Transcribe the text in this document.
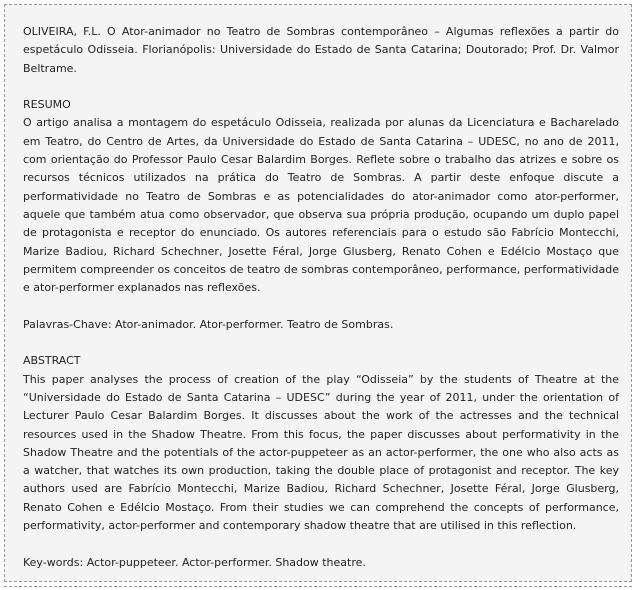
OLIVEIRA, F.L. O Ator-animador no Teatro de Sombras contemporâneo – Algumas reflexões a partir do espetáculo Odisseia. Florianópolis: Universidade do Estado de Santa Catarina; Doutorado; Prof. Dr. Valmor Beltrame.

RESUMO

O artigo analisa a montagem do espetáculo Odisseia, realizada por alunas da Licenciatura e Bacharelado em Teatro, do Centro de Artes, da Universidade do Estado de Santa Catarina – UDESC, no ano de 2011, com orientação do Professor Paulo Cesar Balardim Borges. Reflete sobre o trabalho das atrizes e sobre os recursos técnicos utilizados na prática do Teatro de Sombras. A partir deste enfoque discute a performatividade no Teatro de Sombras e as potencialidades do ator-animador como ator-performer, aquele que também atua como observador, que observa sua própria produção, ocupando um duplo papel de protagonista e receptor do enunciado. Os autores referenciais para o estudo são Fabrício Montecchi, Marize Badiou, Richard Schechner, Josette Féral, Jorge Glusberg, Renato Cohen e Edélcio Mostaço que permitem compreender os conceitos de teatro de sombras contemporâneo, performance, performatividade e ator-performer explanados nas reflexões.

Palavras-Chave: Ator-animador. Ator-performer. Teatro de Sombras.

ABSTRACT

This paper analyses the process of creation of the play “Odisseia” by the students of Theatre at the “Universidade do Estado de Santa Catarina – UDESC” during the year of 2011, under the orientation of Lecturer Paulo Cesar Balardim Borges. It discusses about the work of the actresses and the technical resources used in the Shadow Theatre. From this focus, the paper discusses about performativity in the Shadow Theatre and the potentials of the actor-puppeteer as an actor-performer, the one who also acts as a watcher, that watches its own production, taking the double place of protagonist and receptor. The key authors used are Fabrício Montecchi, Marize Badiou, Richard Schechner, Josette Féral, Jorge Glusberg, Renato Cohen e Edélcio Mostaço. From their studies we can comprehend the concepts of performance, performativity, actor-performer and contemporary shadow theatre that are utilised in this reflection.

Key-words: Actor-puppeteer. Actor-performer. Shadow theatre.
